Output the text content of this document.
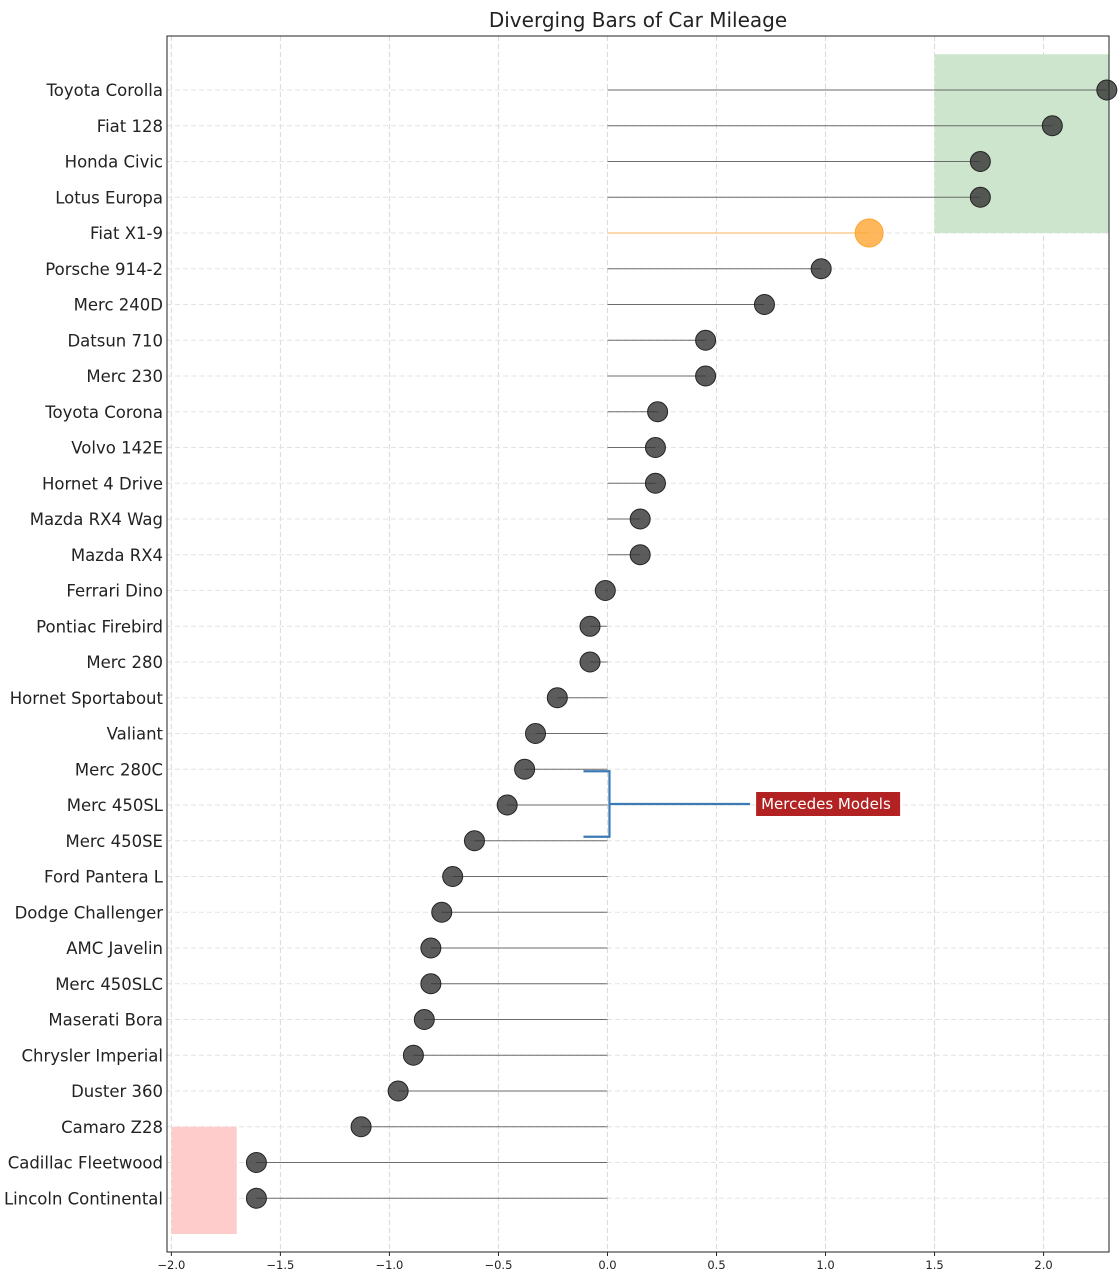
Mercedes Models
−2.0	−1.5	−1.0	−0.5	0.0	0.5	1.0	1.5	2.0
Toyota Corolla
Fiat 128
Honda Civic
Lotus Europa
Fiat X1-9
Porsche 914-2
Merc 240D
Datsun 710
Merc 230
Toyota Corona
Volvo 142E
Hornet 4 Drive
Mazda RX4 Wag
Mazda RX4
Ferrari Dino
Pontiac Firebird
Merc 280
Hornet Sportabout
Valiant
Merc 280C
Merc 450SL
Merc 450SE
Ford Pantera L
Dodge Challenger
AMC Javelin
Merc 450SLC
Maserati Bora
Chrysler Imperial
Duster 360
Camaro Z28
Cadillac Fleetwood
Lincoln Continental
Diverging Bars of Car Mileage
